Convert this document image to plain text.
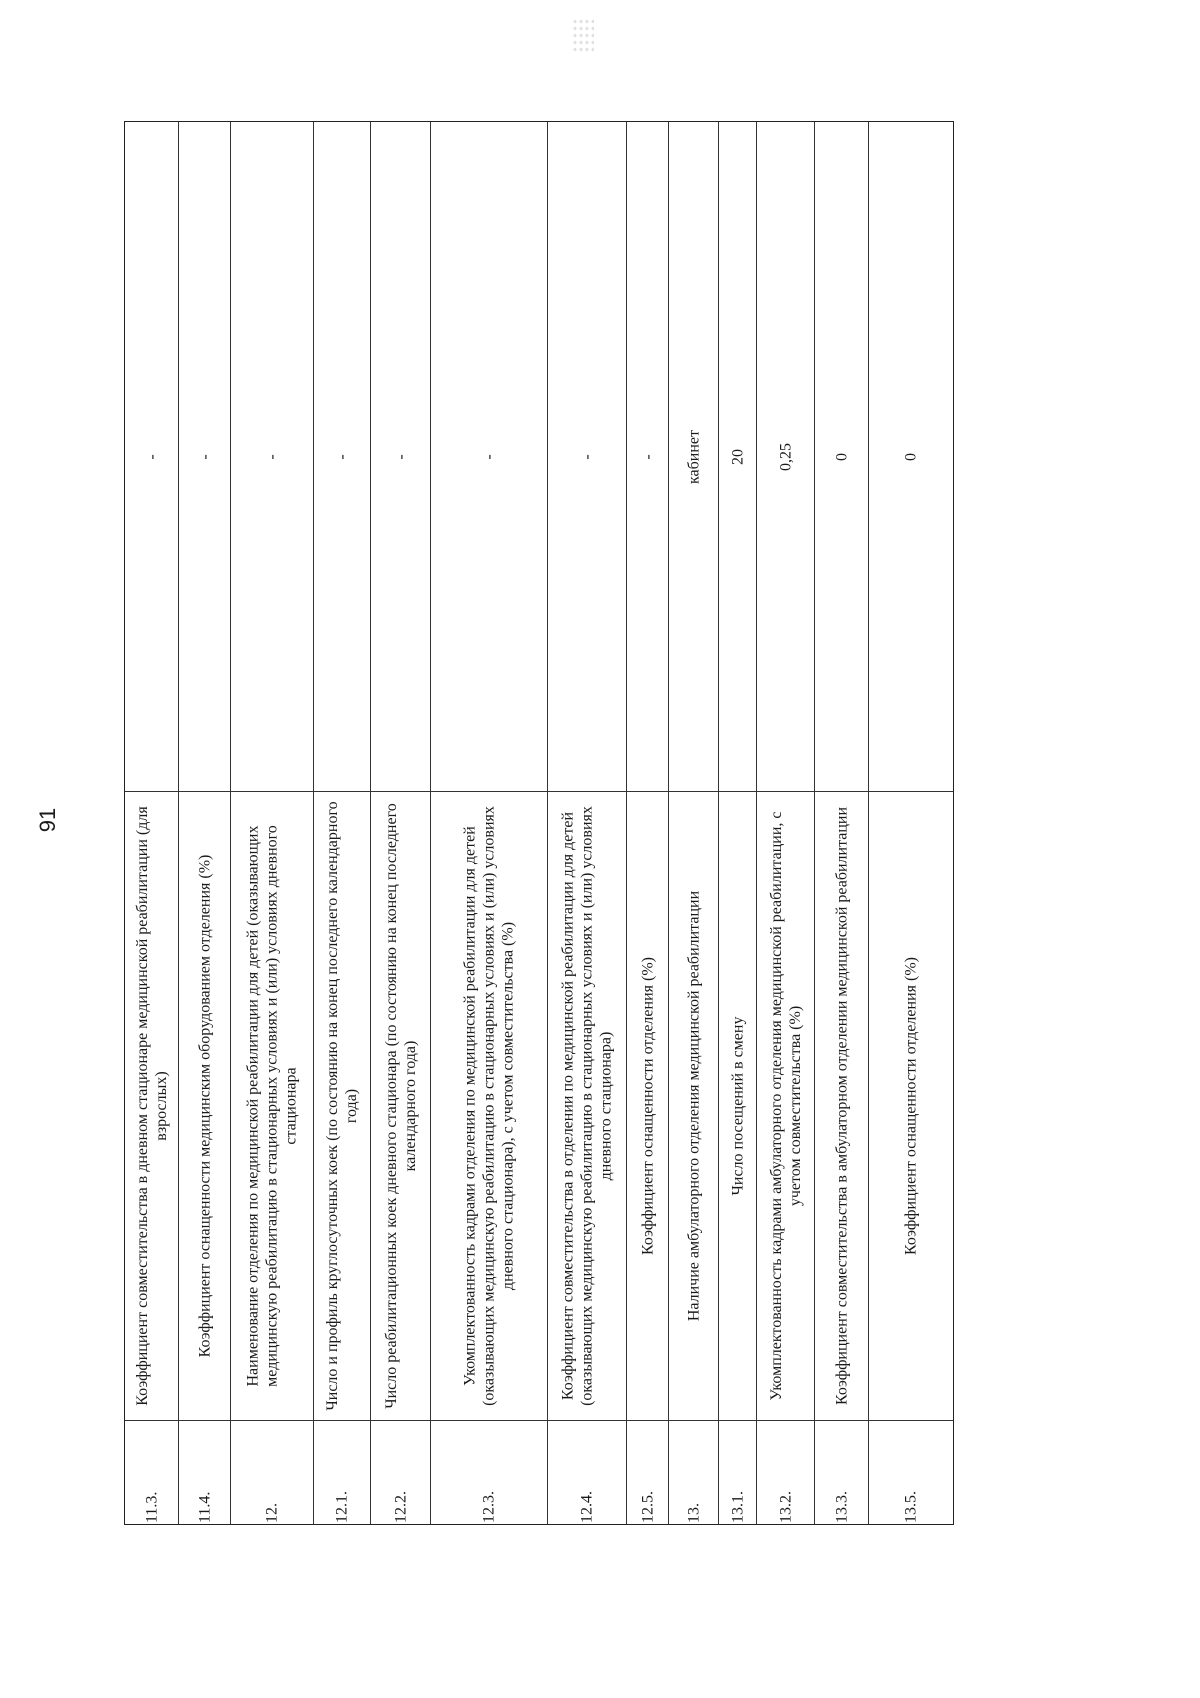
91
-
Коэффициент совместительства в дневном стационаре медицинской реабилитации (для взрослых)
11.3.
-
Коэффициент оснащенности медицинским оборудованием отделения (%)
11.4.
-
Наименование отделения по медицинской реабилитации для детей (оказывающих медицинскую реабилитацию в стационарных условиях и (или) условиях дневного стационара
12.
-
Число и профиль круглосуточных коек (по состоянию на конец последнего календарного года)
12.1.
-
Число реабилитационных коек дневного стационара (по состоянию на конец последнего календарного года)
12.2.
-
Укомплектованность кадрами отделения по медицинской реабилитации для детей (оказывающих медицинскую реабилитацию в стационарных условиях и (или) условиях дневного стационара), с учетом совместительства (%)
12.3.
-
Коэффициент совместительства в отделении по медицинской реабилитации для детей (оказывающих медицинскую реабилитацию в стационарных условиях и (или) условиях дневного стационара)
12.4.
-
Коэффициент оснащенности отделения (%)
12.5.
кабинет
Наличие амбулаторного отделения медицинской реабилитации
13.
20
Число посещений в смену
13.1.
0,25
Укомплектованность кадрами амбулаторного отделения медицинской реабилитации, с учетом совместительства (%)
13.2.
0
Коэффициент совместительства в амбулаторном отделении медицинской реабилитации
13.3.
0
Коэффициент оснащенности отделения (%)
13.5.
